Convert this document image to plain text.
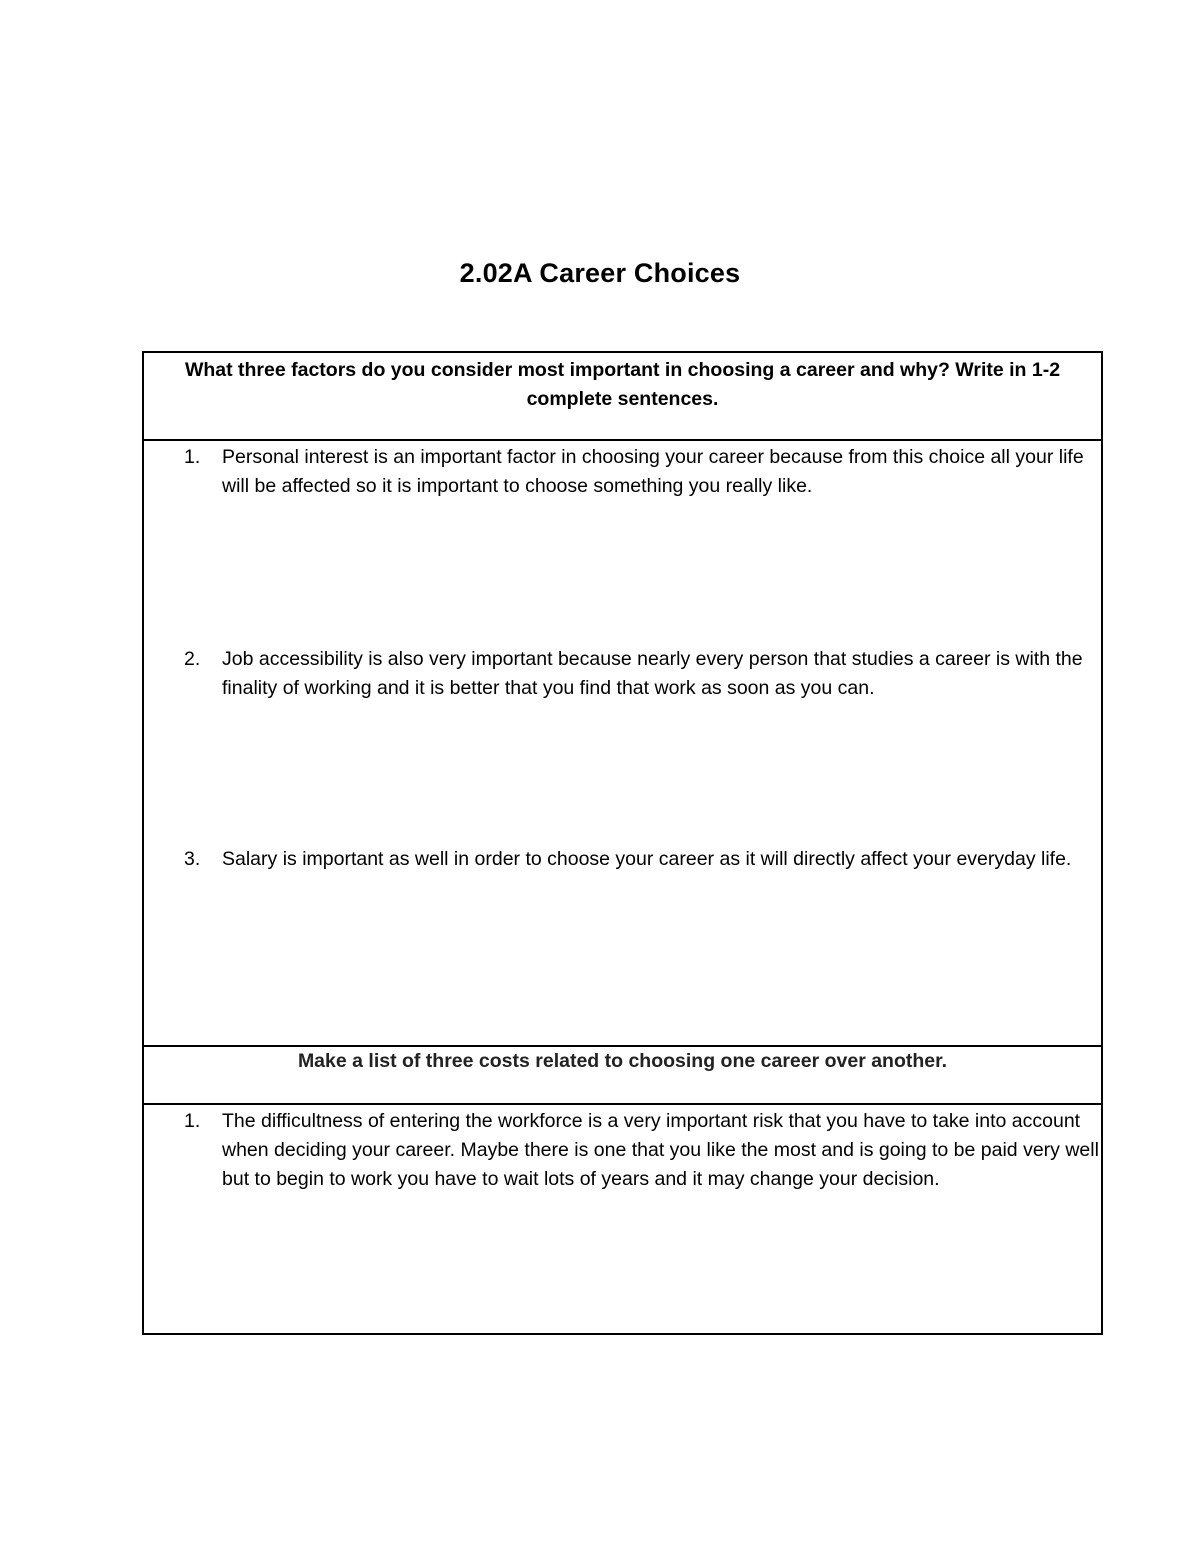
2.02A Career Choices
What three factors do you consider most important in choosing a career and why? Write in 1-2 complete sentences.
1.	Personal interest is an important factor in choosing your career because from this choice all your life will be affected so it is important to choose something you really like.
2.	Job accessibility is also very important because nearly every person that studies a career is with the finality of working and it is better that you find that work as soon as you can.
3.	Salary is important as well in order to choose your career as it will directly affect your everyday life.
Make a list of three costs related to choosing one career over another.
1.	The difficultness of entering the workforce is a very important risk that you have to take into account when deciding your career. Maybe there is one that you like the most and is going to be paid very well but to begin to work you have to wait lots of years and it may change your decision.
